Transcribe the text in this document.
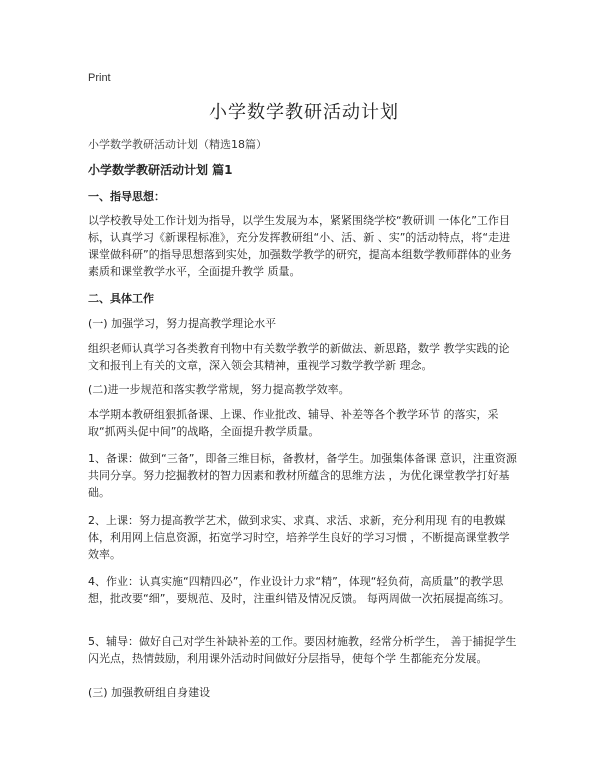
Print
小学数学教研活动计划
小学数学教研活动计划（精选18篇）
小学数学教研活动计划 篇1
一、指导思想：
以学校教导处工作计划为指导，以学生发展为本，紧紧围绕学校“教研训 一体化”工作目标，认真学习《新课程标准》，充分发挥教研组“小、活、新 、实”的活动特点，将“走进课堂做科研”的指导思想落到实处，加强数学教学的研究，提高本组数学教师群体的业务素质和课堂教学水平，全面提升教学 质量。
二、具体工作
(一) 加强学习，努力提高教学理论水平
组织老师认真学习各类教育刊物中有关数学教学的新做法、新思路，数学 教学实践的论文和报刊上有关的文章，深入领会其精神，重视学习数学教学新 理念。
(二)进一步规范和落实教学常规，努力提高教学效率。
本学期本教研组狠抓备课、上课、作业批改、辅导、补差等各个教学环节 的落实，采取“抓两头促中间”的战略，全面提升教学质量。
1、备课：做到“三备”，即备三维目标，备教材，备学生。加强集体备课 意识，注重资源共同分享。努力挖掘教材的智力因素和教材所蕴含的思维方法 ，为优化课堂教学打好基础。
2、上课：努力提高教学艺术，做到求实、求真、求活、求新，充分利用现 有的电教媒体，利用网上信息资源，拓宽学习时空，培养学生良好的学习习惯 ，不断提高课堂教学效率。
4、作业：认真实施“四精四必”，作业设计力求“精”，体现“轻负荷，高质量”的教学思想，批改要“细”，要规范、及时，注重纠错及情况反馈。 每两周做一次拓展提高练习。
5、辅导：做好自己对学生补缺补差的工作。要因材施教，经常分析学生， 善于捕捉学生闪光点，热情鼓励，利用课外活动时间做好分层指导，使每个学 生都能充分发展。
(三) 加强教研组自身建设
